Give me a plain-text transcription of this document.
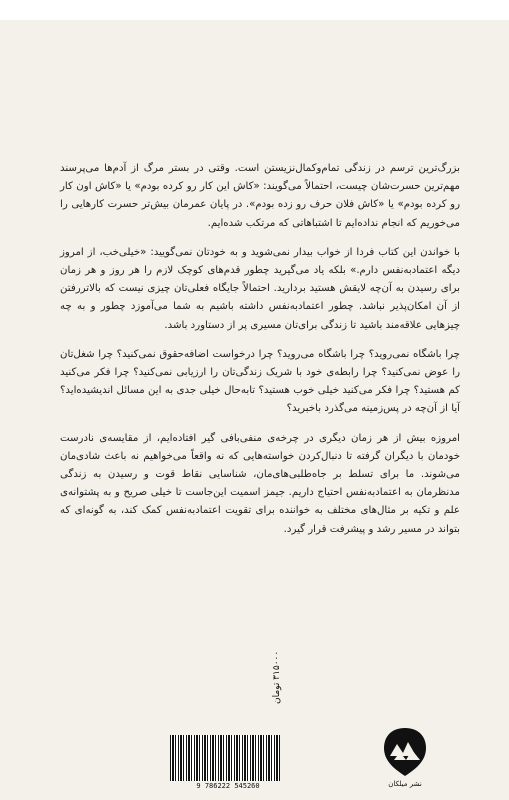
بزرگ‌ترین ترسم در زندگی تمام‌وکمال‌نزیستن است. وقتی در بستر مرگ از آدم‌ها می‌پرسند مهم‌ترین حسرت‌شان چیست، احتمالاً می‌گویند: «کاش این کار رو کرده بودم» یا «کاش اون کار رو کرده بودم» یا «کاش فلان حرف رو زده بودم». در پایان عمرمان بیش‌تر حسرت کارهایی را می‌خوریم که انجام نداده‌ایم تا اشتباهاتی که مرتکب شده‌ایم.

با خواندن این کتاب فردا از خواب بیدار نمی‌شوید و به خودتان نمی‌گویید: «خیلی‌خب، از امروز دیگه اعتمادبه‌نفس دارم.» بلکه یاد می‌گیرید چطور قدم‌های کوچک لازم را هر روز و هر زمان برای رسیدن به آن‌چه لایقش هستید بردارید. احتمالاً جایگاه فعلی‌تان چیزی نیست که بالاتررفتن از آن امکان‌پذیر نباشد. چطور اعتمادبه‌نفس داشته باشیم به شما می‌آموزد چطور و به چه چیزهایی علاقه‌مند باشید تا زندگی برای‌تان مسیری پر از دستاورد باشد.

چرا باشگاه نمی‌روید؟ چرا باشگاه می‌روید؟ چرا درخواست اضافه‌حقوق نمی‌کنید؟ چرا شغل‌تان را عوض نمی‌کنید؟ چرا رابطه‌ی خود با شریک زندگی‌تان را ارزیابی نمی‌کنید؟ چرا فکر می‌کنید کم هستید؟ چرا فکر می‌کنید خیلی خوب هستید؟ تابه‌حال خیلی جدی به این مسائل اندیشیده‌اید؟ آیا از آن‌چه در پس‌زمینه می‌گذرد باخبرید؟

امروزه بیش از هر زمان دیگری در چرخه‌ی منفی‌بافی گیر افتاده‌ایم، از مقایسه‌ی نادرست خودمان با دیگران گرفته تا دنبال‌کردن خواسته‌هایی که نه واقعاً می‌خواهیم نه باعث شادی‌مان می‌شوند. ما برای تسلط بر جاه‌طلبی‌های‌مان، شناسایی نقاط قوت و رسیدن به زندگی مدنظرمان به اعتمادبه‌نفس احتیاج داریم. جیمز اسمیت این‌جاست تا خیلی صریح و به پشتوانه‌ی علم و تکیه بر مثال‌های مختلف به خواننده برای تقویت اعتمادبه‌نفس کمک کند، به گونه‌ای که بتواند در مسیر رشد و پیشرفت قرار گیرد.

۳۱۵۰۰۰ تومان
9 786222 545260	نشر میلکان
